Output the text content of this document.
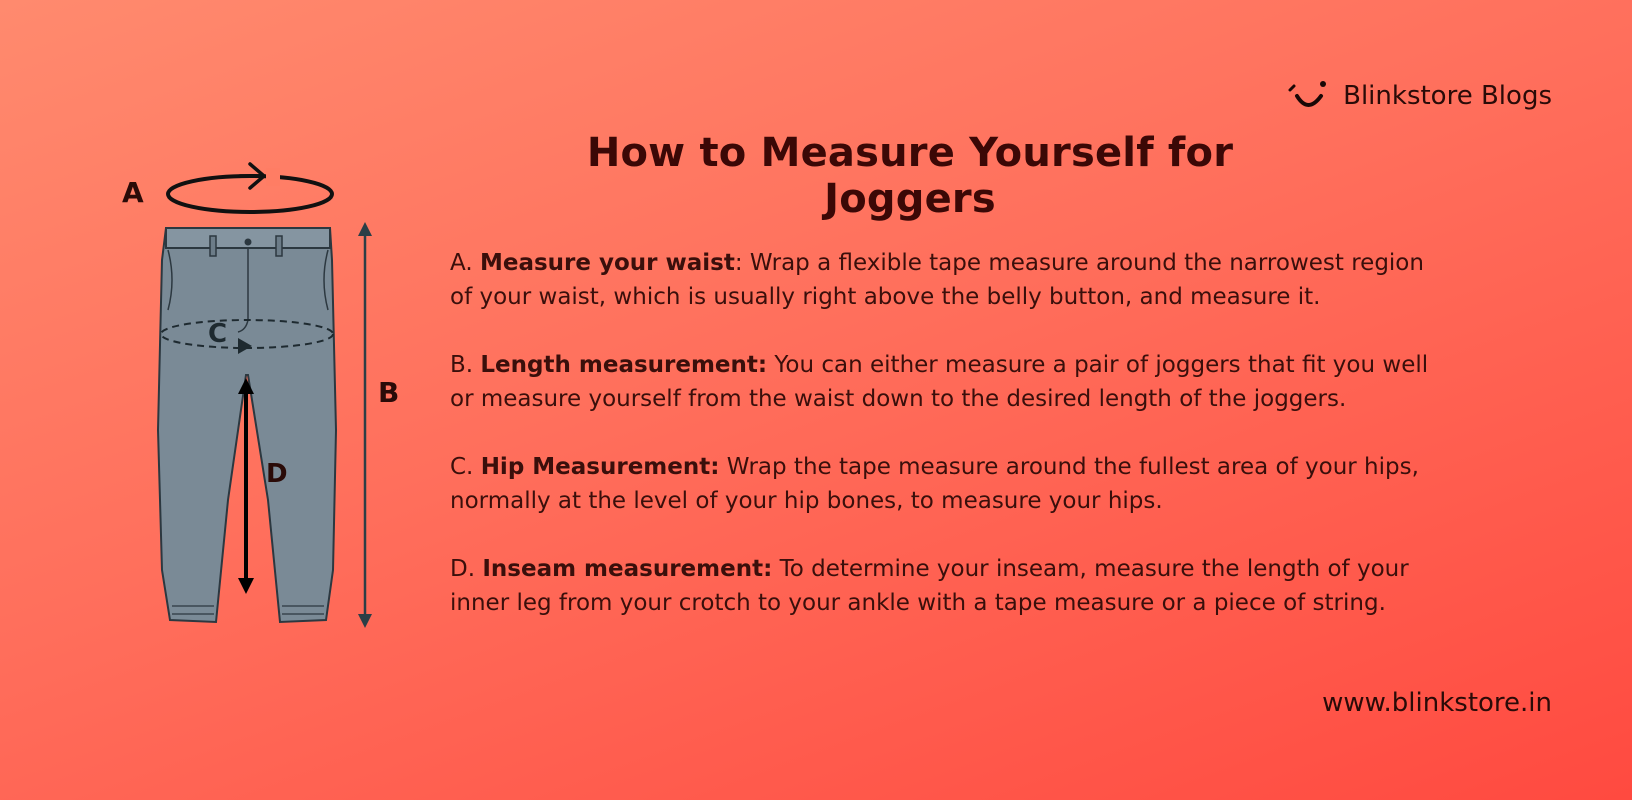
Blinkstore Blogs
How to Measure Yourself for Joggers
A
C
D
B

A. Measure your waist: Wrap a flexible tape measure around the narrowest region of your waist, which is usually right above the belly button, and measure it.

B. Length measurement: You can either measure a pair of joggers that fit you well or measure yourself from the waist down to the desired length of the joggers.

C. Hip Measurement: Wrap the tape measure around the fullest area of your hips, normally at the level of your hip bones, to measure your hips.

D. Inseam measurement: To determine your inseam, measure the length of your inner leg from your crotch to your ankle with a tape measure or a piece of string.

www.blinkstore.in
